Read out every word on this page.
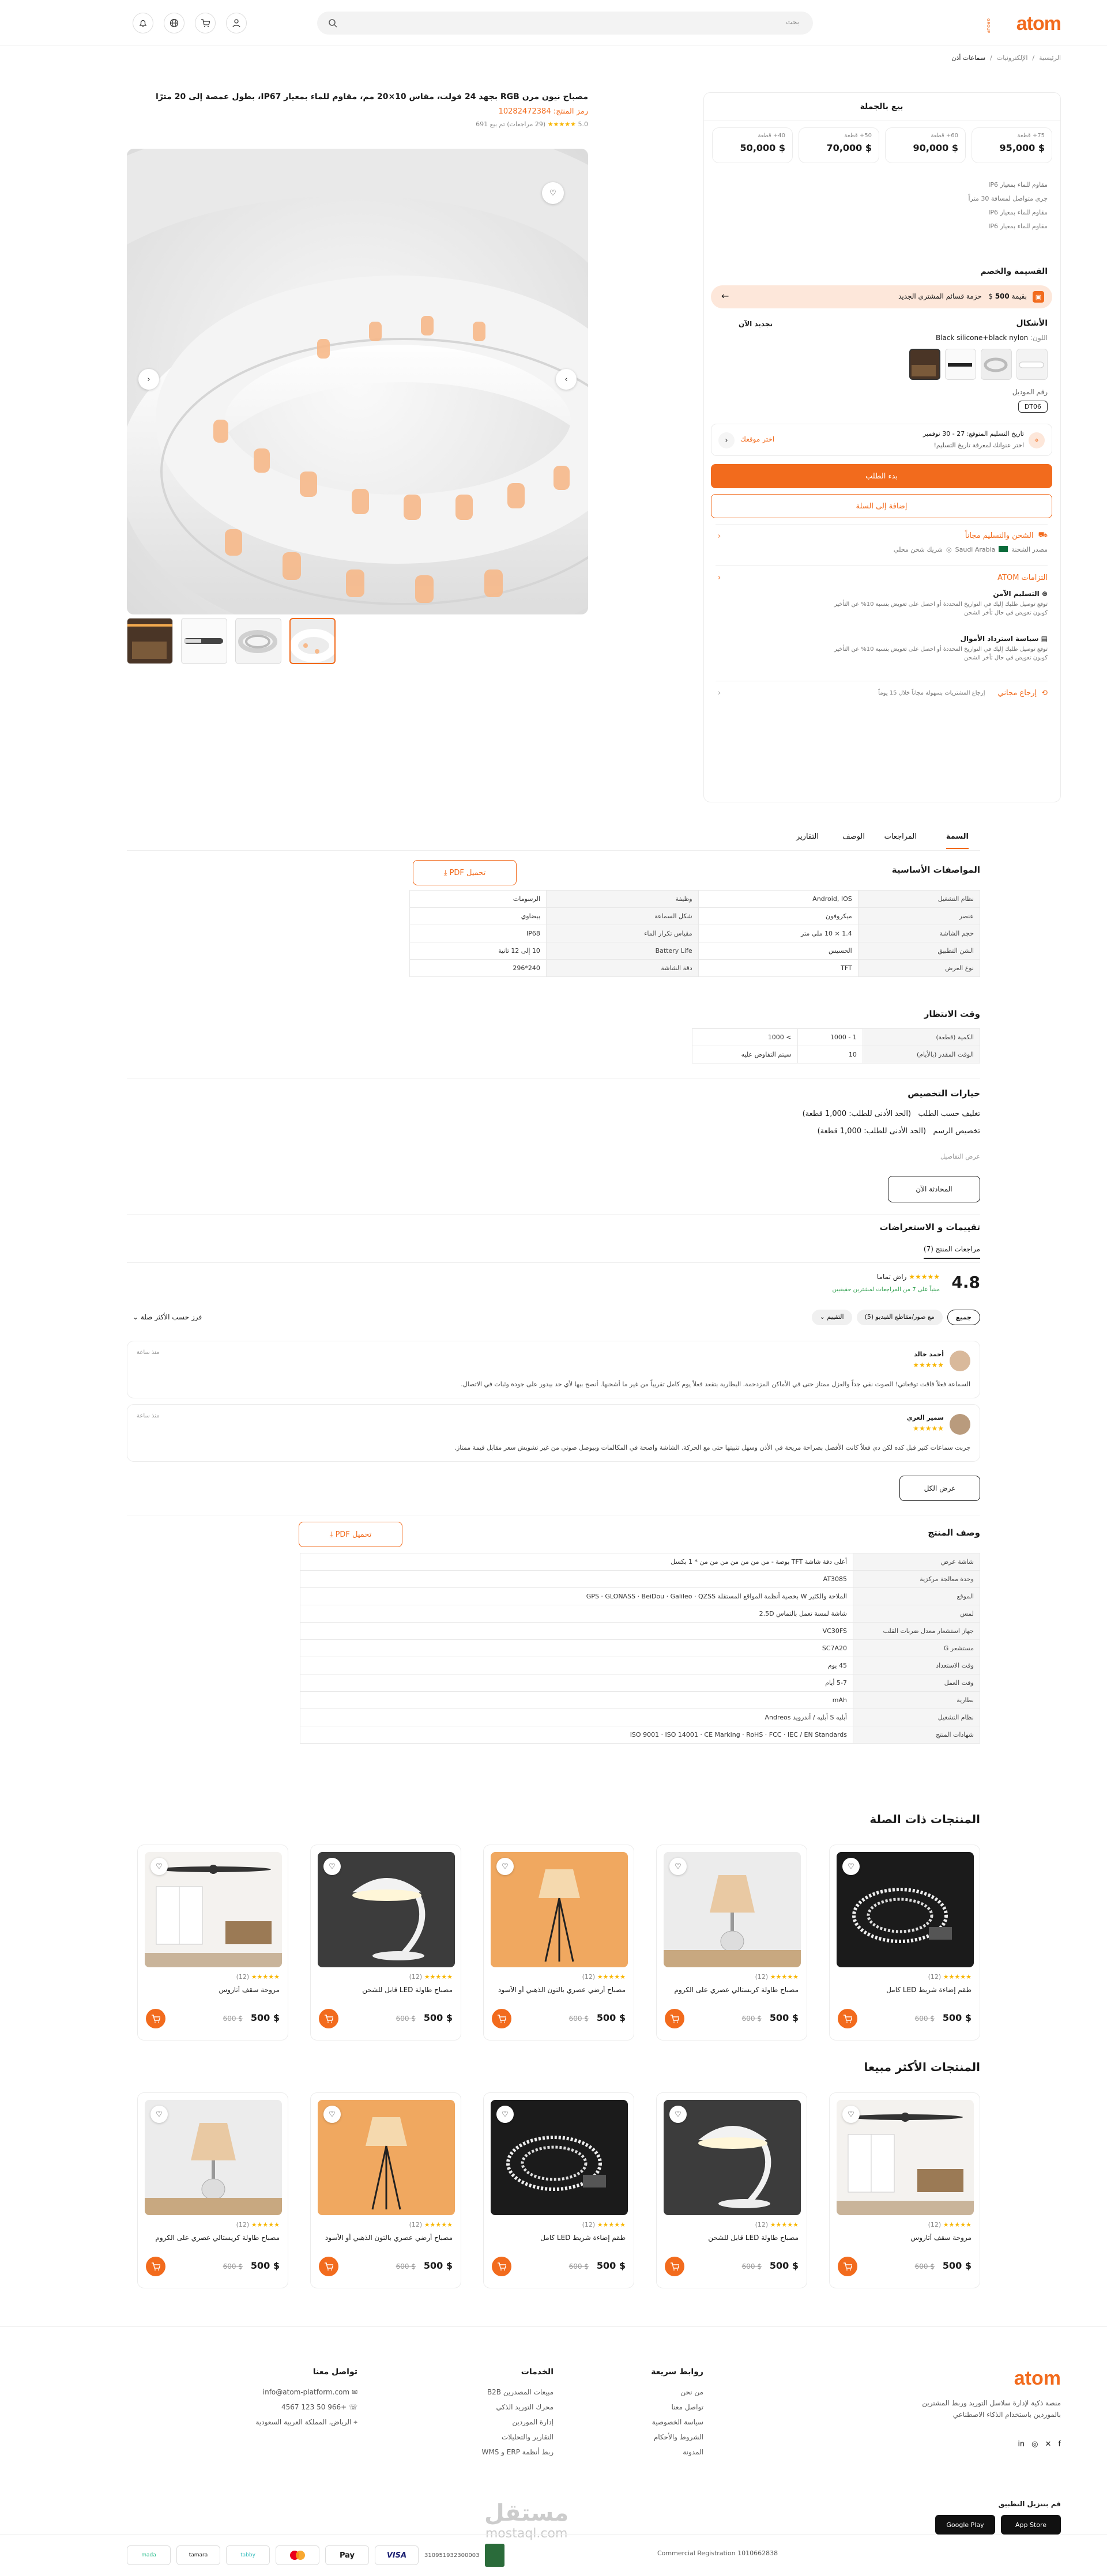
atom
GROUP
بحث
الرئيسية
/
الإلكترونيات
/
سماعات أذن
مصباح نيون مرن RGB بجهد 24 فولت، مقاس 10×20 مم، مقاوم للماء بمعيار IP67، بطول عمصة إلى 20 مترًا
رمز المنتج: 10282472384
5.0 ★★★★★ (29 مراجعات) تم بيع 691
♡
‹	›
بيع بالجملة
75+ قطعة
$ 95,000
60+ قطعة
$ 90,000
50+ قطعة
$ 70,000
40+ قطعة
$ 50,000
مقاوم للماء بمعيار IP6
جرى متواصل لمسافة 30 متراً
مقاوم للماء بمعيار IP6
مقاوم للماء بمعيار IP6
القسيمة والخصم
▣
بقيمة 500 $   حزمة قسائم المشتري الجديد
←
الأشكال
تجديد الآن
اللون: Black silicone+black nylon
رقم الموديل
DT06
⌖
تاريخ التسليم المتوقع: 27 - 30 نوفمبر
اختر عنوانك لمعرفة تاريخ التسليم!
اختر موقعك
‹
بدء الطلب
إضافة إلى السلة
⛟
الشحن والتسليم مجاناً
‹
مصدر الشحنة
Saudi Arabia
◎
شريك شحن محلي
التزامات ATOM
‹
⊛ التسليم الآمن
توقع توصيل طلبك إليك في التواريخ المحددة أو احصل على تعويض بنسبة 10% عن التأخير
كوبون تعويض في حال تأخر الشحن
▤ سياسة استرداد الأموال
توقع توصيل طلبك إليك في التواريخ المحددة أو احصل على تعويض بنسبة 10% عن التأخير
كوبون تعويض في حال تأخر الشحن
⟲
إرجاع مجاني
إرجاع المشتريات بسهولة مجاناً خلال 15 يوماً
‹
السمة
المراجعات
الوصف
التقارير
المواصفات الأساسية
تحميل PDF

⤓
نظام التشغيل	Android, IOS	وظيفة	الرسومات
عنصر	ميكروفون	شكل السماعة	بيضاوي
حجم الشاشة	1.4 × 10 ملي متر	مقياس تكرار الماء	IP68
الشن التطبيق	الحسيس	Battery Life	10 إلى 12 ثانية
نوع العرض	TFT	دقة الشاشة	240*296
وقت الانتظار
الكمية (قطعة)	1 - 1000	> 1000
الوقت المقدر (بالأيام)	10	سيتم التفاوض عليه
خيارات التخصيص
تغليف حسب الطلب   (الحد الأدنى للطلب: 1,000 قطعة)
تخصيص الرسم   (الحد الأدنى للطلب: 1,000 قطعة)
عرض التفاصيل
المحادثة الآن
تقييمات و الاستعراضات
مراجعات المنتج (7)
4.8
★★★★★ راض تماما
مبنياً على 7 من المراجعات لمشترين حقيقيين
جميع
مع صور/مقاطع الفيديو (5)
التقييم ⌄
فرز حسب الأكثر صلة ⌄
أحمد خالد
★★★★★
منذ ساعة
السماعة فعلاً فاقت توقعاتي! الصوت نقي جداً والعزل ممتاز حتى في الأماكن المزدحمة. البطارية بتقعد فعلاً يوم كامل تقريباً من غير ما أشحنها. أنصح بيها لأي حد بيدور على جودة وثبات في الاتصال.
سمير العزي
★★★★★
منذ ساعة
جربت سماعات كتير قبل كده لكن دي فعلاً كانت الأفضل بصراحة مريحة في الأذن وسهل تثبيتها حتى مع الحركة. الشاشة واضحة في المكالمات وبيوصل صوتي من غير تشويش سعر مقابل قيمة ممتاز.
عرض الكل
وصف المنتج
تحميل PDF

⤓
شاشة عرض	أعلى دقة شاشة TFT بوصة - من من من من من من من * 1 بكسل
وحدة معالجة مركزية	AT3085
الموقع	الملاحة والكثير W بخصية أنظمة المواقع المستقلة GPS · GLONASS · BeiDou · Galileo · QZSS
لمس	شاشة لمسة تعمل بالتماس 2.5D
جهاز استشعار معدل ضربات القلب	VC30FS
مستشعر G	SC7A20
وقت الاستعداد	45 يوم
وقت العمل	5-7 أيام
بطارية	mAh
نظام التشغيل	أبليه S أبليه / أندرويد Andreos
شهادات المنتج	ISO 9001 · ISO 14001 · CE Marking · RoHS · FCC · IEC / EN Standards
المنتجات ذات الصلة
♡
★★★★★ (12)
طقم إضاءة شريط LED كامل
$ 500
$ 600
♡
★★★★★ (12)
مصباح طاولة كريستالي عصري على الكروم
$ 500
$ 600
♡
★★★★★ (12)
مصباح أرضي عصري بالتون الذهبي أو الأسود
$ 500
$ 600
♡
★★★★★ (12)
مصباح طاولة LED قابل للشحن
$ 500
$ 600
♡
★★★★★ (12)
مروحة سقف أتاروس
$ 500
$ 600
المنتجات الأكثر مبيعا
♡
★★★★★ (12)
مروحة سقف أتاروس
$ 500
$ 600
♡
★★★★★ (12)
مصباح طاولة LED قابل للشحن
$ 500
$ 600
♡
★★★★★ (12)
طقم إضاءة شريط LED كامل
$ 500
$ 600
♡
★★★★★ (12)
مصباح أرضي عصري بالتون الذهبي أو الأسود
$ 500
$ 600
♡
★★★★★ (12)
مصباح طاولة كريستالي عصري على الكروم
$ 500
$ 600
atom
منصة ذكية لإدارة سلاسل التوريد وربط المشترين بالموردين باستخدام الذكاء الاصطناعي
f
✕
◎
in
قم بتنزيل التطبيق
App Store
Google Play
روابط سريعة
من نحن
تواصل معنا
سياسة الخصوصية
الشروط والأحكام
المدونة
الخدمات
مبيعات المصدرين B2B
محرك التوريد الذكي
إدارة الموردين
التقارير والتحليلات
ربط أنظمة ERP و WMS
تواصل معنا
✉ info@atom-platform.com
☏ +966 50 123 4567
⌖ الرياض، المملكة العربية السعودية
مستقل
mostaql.com
Commercial Registration 1010662838
310951932300003
VISA
Pay
tabby
tamara
mada
